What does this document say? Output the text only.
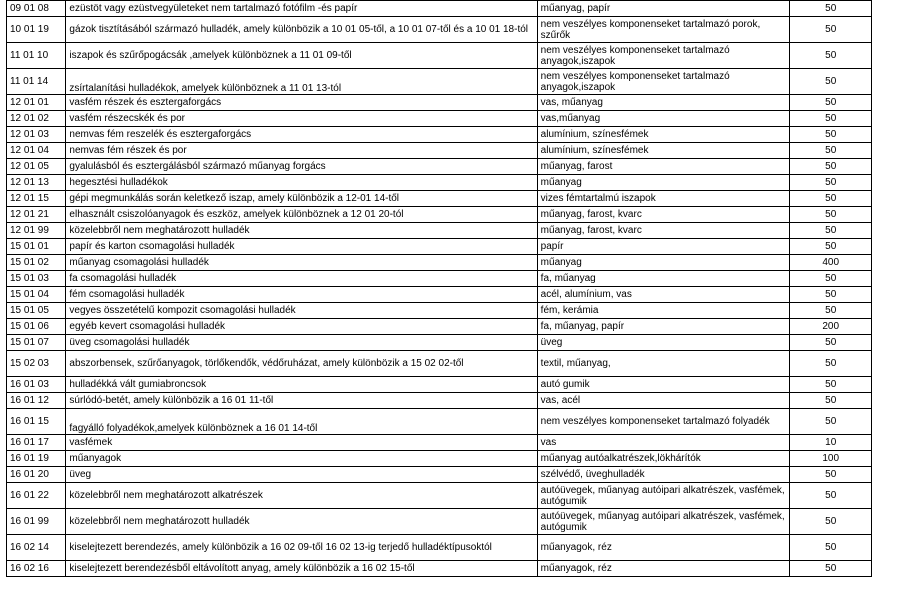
09 01 08	ezüstöt vagy ezüstvegyületeket nem tartalmazó fotófilm -és papír	műanyag, papír	50
10 01 19	gázok tisztításából származó hulladék, amely különbözik a 10 01 05-től, a 10 01 07-től és a 10 01 18-tól	nem veszélyes komponenseket tartalmazó porok, szűrők	50
11 01 10	iszapok és szűrőpogácsák ,amelyek különböznek a 11 01 09-től	nem veszélyes komponenseket tartalmazó anyagok,iszapok	50
11 01 14	zsírtalanítási hulladékok, amelyek különböznek a 11 01 13-tól	nem veszélyes komponenseket tartalmazó anyagok,iszapok	50
12 01 01	vasfém részek és esztergaforgács	vas, műanyag	50
12 01 02	vasfém részecskék és por	vas,műanyag	50
12 01 03	nemvas fém reszelék és esztergaforgács	alumínium, színesfémek	50
12 01 04	nemvas fém részek és por	alumínium, színesfémek	50
12 01 05	gyalulásból és esztergálásból származó műanyag forgács	műanyag, farost	50
12 01 13	hegesztési hulladékok	műanyag	50
12 01 15	gépi megmunkálás során keletkező iszap, amely különbözik a 12-01 14-től	vizes fémtartalmú iszapok	50
12 01 21	elhasznált csiszolóanyagok és eszköz, amelyek különböznek a 12 01 20-tól	műanyag, farost, kvarc	50
12 01 99	közelebbről nem meghatározott hulladék	műanyag, farost, kvarc	50
15 01 01	papír és karton csomagolási hulladék	papír	50
15 01 02	műanyag csomagolási hulladék	műanyag	400
15 01 03	fa csomagolási hulladék	fa, műanyag	50
15 01 04	fém csomagolási hulladék	acél, alumínium, vas	50
15 01 05	vegyes összetételű kompozit csomagolási hulladék	fém, kerámia	50
15 01 06	egyéb kevert csomagolási hulladék	fa, műanyag, papír	200
15 01 07	üveg csomagolási hulladék	üveg	50
15 02 03	abszorbensek, szűrőanyagok, törlőkendők, védőruházat, amely különbözik a 15 02 02-től	textil, műanyag,	50
16 01 03	hulladékká vált gumiabroncsok	autó gumik	50
16 01 12	súrlódó-betét, amely különbözik a 16 01 11-től	vas, acél	50
16 01 15	fagyálló folyadékok,amelyek különböznek a 16 01 14-től	nem veszélyes komponenseket tartalmazó folyadék	50
16 01 17	vasfémek	vas	10
16 01 19	műanyagok	műanyag autóalkatrészek,lökhárítók	100
16 01 20	üveg	szélvédő, üveghulladék	50
16 01 22	közelebbről nem meghatározott alkatrészek	autóüvegek, műanyag autóipari alkatrészek, vasfémek, autógumik	50
16 01 99	közelebbről nem meghatározott hulladék	autóüvegek, műanyag autóipari alkatrészek, vasfémek, autógumik	50
16 02 14	kiselejtezett berendezés, amely különbözik a 16 02 09-től 16 02 13-ig terjedő hulladéktípusoktól	műanyagok, réz	50
16 02 16	kiselejtezett berendezésből eltávolított anyag, amely különbözik a 16 02 15-től	műanyagok, réz	50
